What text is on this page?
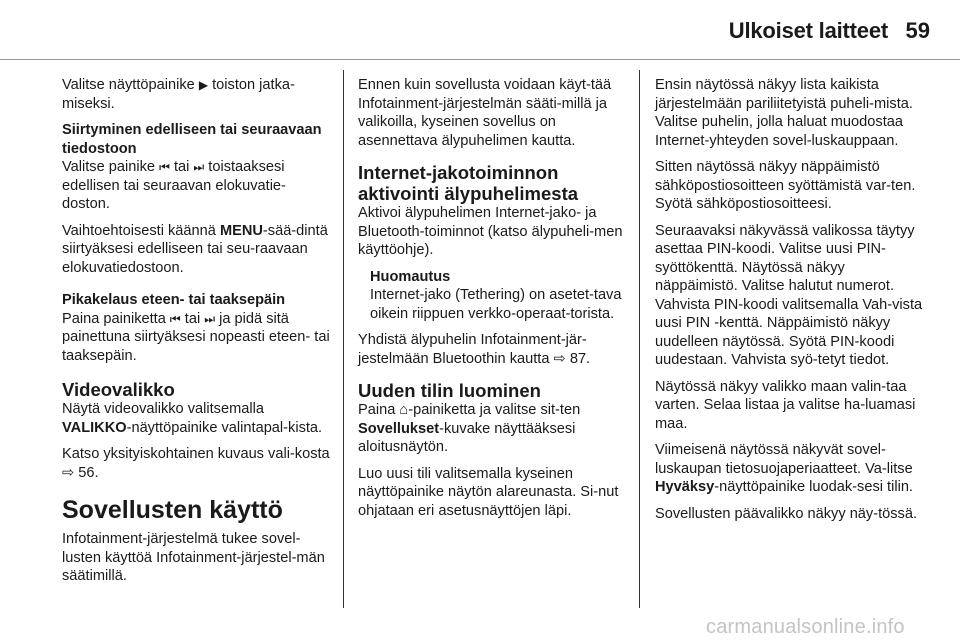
Ulkoiset laitteet 59

Valitse näyttöpainike ▶ toiston jatka-miseksi.

Siirtyminen edelliseen tai seuraavaan tiedostoon

Valitse painike ⏮ tai ⏭ toistaaksesi edellisen tai seuraavan elokuvatie-doston.

Vaihtoehtoisesti käännä MENU-sää-dintä siirtyäksesi edelliseen tai seu-raavaan elokuvatiedostoon.

Pikakelaus eteen- tai taaksepäin

Paina painiketta ⏮ tai ⏭ ja pidä sitä painettuna siirtyäksesi nopeasti eteen- tai taaksepäin.

Videovalikko

Näytä videovalikko valitsemalla VALIKKO-näyttöpainike valintapal-kista.

Katso yksityiskohtainen kuvaus vali-kosta ⇨ 56.

Sovellusten käyttö

Infotainment-järjestelmä tukee sovel-lusten käyttöä Infotainment-järjestel-män säätimillä.

Ennen kuin sovellusta voidaan käyt-tää Infotainment-järjestelmän sääti-millä ja valikoilla, kyseinen sovellus on asennettava älypuhelimen kautta.

Internet-jakotoiminnon aktivointi älypuhelimesta

Aktivoi älypuhelimen Internet-jako- ja Bluetooth-toiminnot (katso älypuheli-men käyttöohje).

Huomautus

Internet-jako (Tethering) on asetet-tava oikein riippuen verkko-operaat-torista.

Yhdistä älypuhelin Infotainment-jär-jestelmään Bluetoothin kautta ⇨ 87.

Uuden tilin luominen

Paina ⌂-painiketta ja valitse sit-ten Sovellukset-kuvake näyttääksesi aloitusnäytön.

Luo uusi tili valitsemalla kyseinen näyttöpainike näytön alareunasta. Si-nut ohjataan eri asetusnäyttöjen läpi.

Ensin näytössä näkyy lista kaikista järjestelmään pariliitetyistä puheli-mista. Valitse puhelin, jolla haluat muodostaa Internet-yhteyden sovel-luskauppaan.

Sitten näytössä näkyy näppäimistö sähköpostiosoitteen syöttämistä var-ten. Syötä sähköpostiosoitteesi.

Seuraavaksi näkyvässä valikossa täytyy asettaa PIN-koodi. Valitse uusi PIN-syöttökenttä. Näytössä näkyy näppäimistö. Valitse halutut numerot. Vahvista PIN-koodi valitsemalla Vah-vista uusi PIN -kenttä. Näppäimistö näkyy uudelleen näytössä. Syötä PIN-koodi uudestaan. Vahvista syö-tetyt tiedot.

Näytössä näkyy valikko maan valin-taa varten. Selaa listaa ja valitse ha-luamasi maa.

Viimeisenä näytössä näkyvät sovel-luskaupan tietosuojaperiaatteet. Va-litse Hyväksy-näyttöpainike luodak-sesi tilin.

Sovellusten päävalikko näkyy näy-tössä.

carmanualsonline.info
